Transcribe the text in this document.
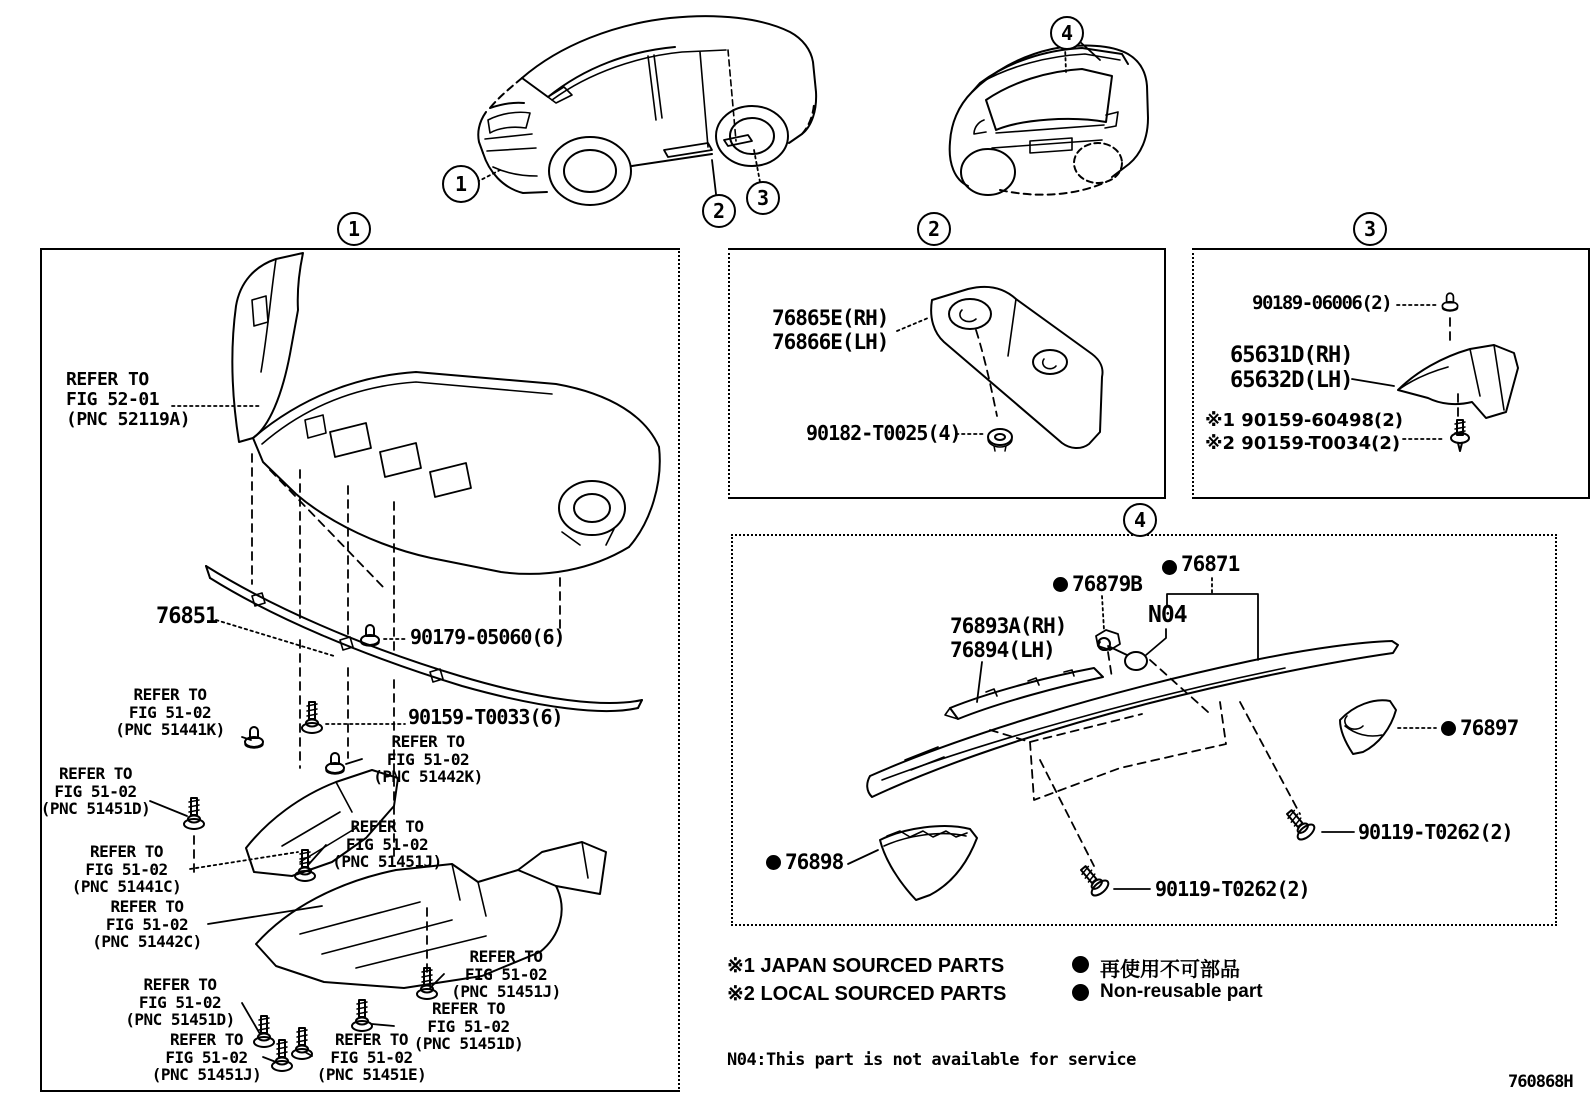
1
2
3
4
1	2	3
4
REFER TO
FIG 52-01
(PNC 52119A)
76851
90179-05060(6)
90159-T0033(6)
REFER TO
FIG 51-02
(PNC 51441K)
REFER TO
FIG 51-02
(PNC 51442K)
REFER TO
FIG 51-02
(PNC 51451D)
REFER TO
FIG 51-02
(PNC 51441C)
REFER TO
FIG 51-02
(PNC 51451J)
REFER TO
FIG 51-02
(PNC 51442C)
REFER TO
FIG 51-02
(PNC 51451J)
REFER TO
FIG 51-02
(PNC 51451D)
REFER TO
FIG 51-02
(PNC 51451D)
REFER TO
FIG 51-02
(PNC 51451J)
REFER TO
FIG 51-02
(PNC 51451E)
76865E(RH)
76866E(LH)
90182-T0025(4)
90189-06006(2)
65631D(RH)
65632D(LH)
※1 90159-60498(2)
※2 90159-T0034(2)
76879B
76871
N04
76893A(RH)
76894(LH)
76897
90119-T0262(2)
76898
90119-T0262(2)
※1 JAPAN SOURCED PARTS
※2 LOCAL SOURCED PARTS
再使用不可部品
Non-reusable part
N04:This part is not available for service
760868H
